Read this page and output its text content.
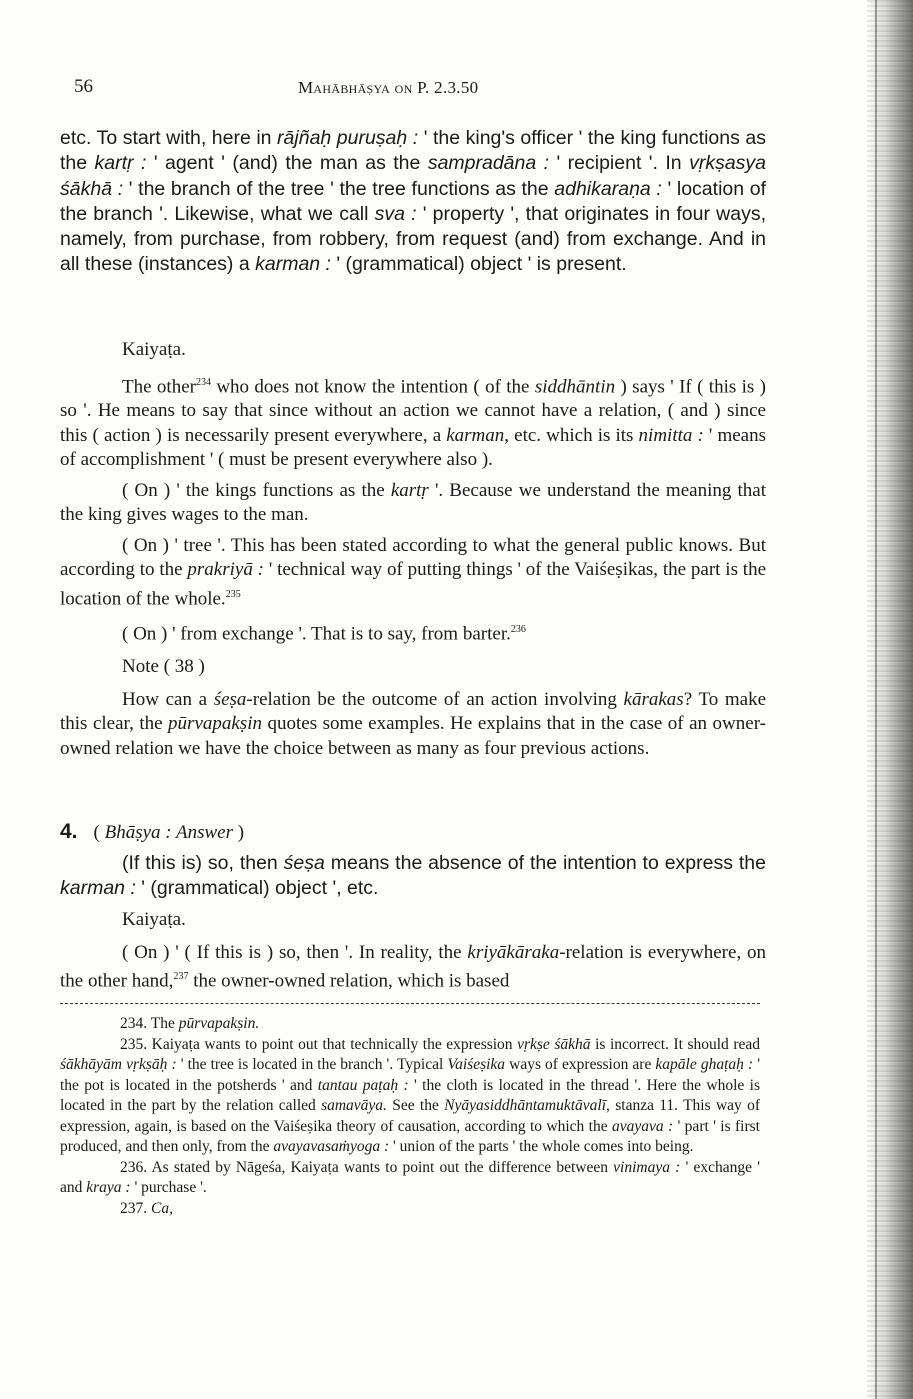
56	Mahābhāṣya on P. 2.3.50

etc. To start with, here in rājñaḥ puruṣaḥ : ' the king's officer ' the king functions as the kartṛ : ' agent ' (and) the man as the sampradāna : ' recipient '. In vṛkṣasya śākhā : ' the branch of the tree ' the tree functions as the adhikaraṇa : ' location of the branch '. Likewise, what we call sva : ' property ', that originates in four ways, namely, from purchase, from robbery, from request (and) from exchange. And in all these (instances) a karman : ' (grammatical) object ' is present.

Kaiyaṭa.

The other$^{234}$ who does not know the intention ( of the siddhāntin ) says ' If ( this is ) so '. He means to say that since without an action we cannot have a relation, ( and ) since this ( action ) is necessarily present everywhere, a karman, etc. which is its nimitta : ' means of accomplishment ' ( must be present everywhere also ).

( On ) ' the kings functions as the kartṛ '. Because we understand the meaning that the king gives wages to the man.

( On ) ' tree '. This has been stated according to what the general public knows. But according to the prakriyā : ' technical way of putting things ' of the Vaiśeṣikas, the part is the location of the whole.$^{235}$

( On ) ' from exchange '. That is to say, from barter.$^{236}$

Note ( 38 )

How can a śeṣa-relation be the outcome of an action involving kārakas? To make this clear, the pūrvapakṣin quotes some examples. He explains that in the case of an owner-owned relation we have the choice between as many as four previous actions.

4. ( Bhāṣya : Answer )

(If this is) so, then śeṣa means the absence of the intention to express the karman : ' (grammatical) object ', etc.

Kaiyaṭa.

( On ) ' ( If this is ) so, then '. In reality, the kriyākāraka-relation is everywhere, on the other hand,$^{237}$ the owner-owned relation, which is based

234. The pūrvapakṣin.

235. Kaiyaṭa wants to point out that technically the expression vṛkṣe śākhā is incorrect. It should read śākhāyām vṛkṣāḥ : ' the tree is located in the branch '. Typical Vaiśeṣika ways of expression are kapāle ghaṭaḥ : ' the pot is located in the potsherds ' and tantau paṭaḥ : ' the cloth is located in the thread '. Here the whole is located in the part by the relation called samavāya. See the Nyāyasiddhāntamuktāvalī, stanza 11. This way of expression, again, is based on the Vaiśeṣika theory of causation, according to which the avayava : ' part ' is first produced, and then only, from the avayavasaṁyoga : ' union of the parts ' the whole comes into being.

236. As stated by Nāgeśa, Kaiyaṭa wants to point out the difference between vinimaya : ' exchange ' and kraya : ' purchase '.

237. Ca,
